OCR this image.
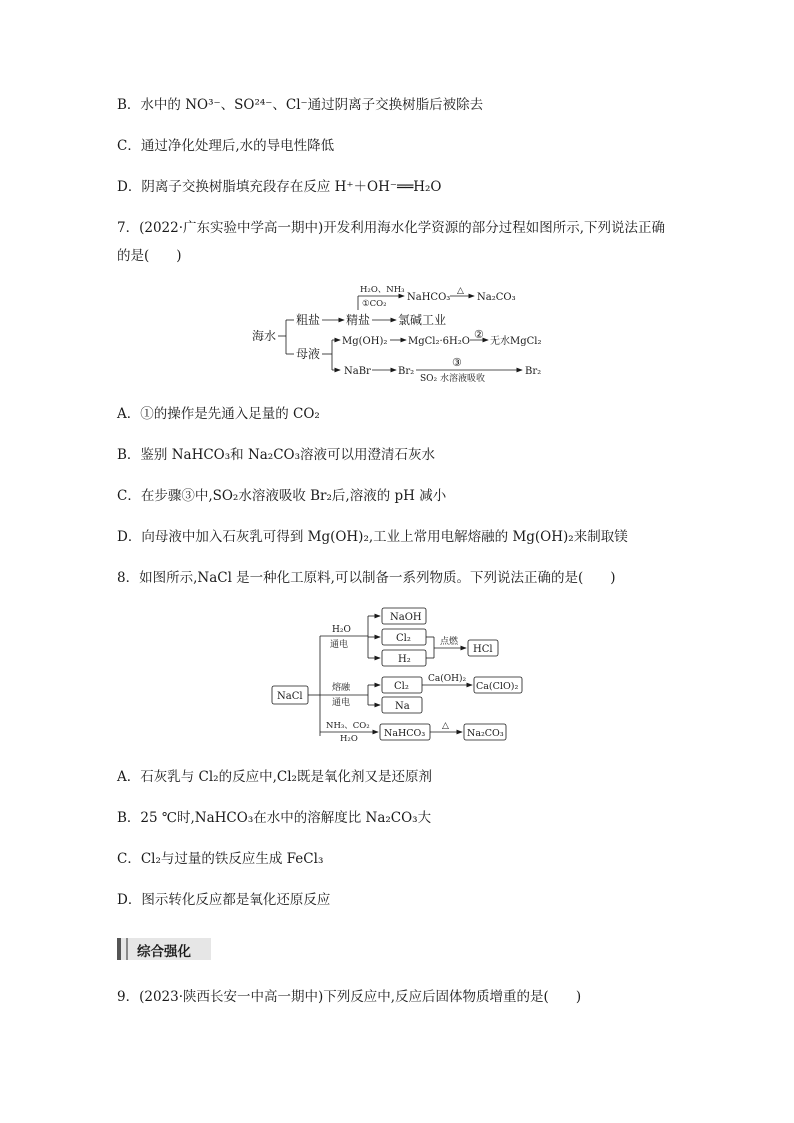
B．水中的 NO³⁻、SO²⁴⁻、Cl⁻通过阴离子交换树脂后被除去
C．通过净化处理后,水的导电性降低
D．阴离子交换树脂填充段存在反应 H⁺＋OH⁻══H₂O
7．(2022·广东实验中学高一期中)开发利用海水化学资源的部分过程如图所示,下列说法正确
的是(　　)
海水
粗盐 精盐 氯碱工业
H₂O、NH₃
①CO₂
NaHCO₃
△
Na₂CO₃
母液
Mg(OH)₂ MgCl₂·6H₂O
②
无水MgCl₂
NaBr	Br₂
③
SO₂ 水溶液吸收
Br₂
A．①的操作是先通入足量的 CO₂
B．鉴别 NaHCO₃和 Na₂CO₃溶液可以用澄清石灰水
C．在步骤③中,SO₂水溶液吸收 Br₂后,溶液的 pH 减小
D．向母液中加入石灰乳可得到 Mg(OH)₂,工业上常用电解熔融的 Mg(OH)₂来制取镁
8．如图所示,NaCl 是一种化工原料,可以制备一系列物质。下列说法正确的是(　　)
NaCl
H₂O
通电
NaOH
Cl₂
H₂
点燃
HCl
熔融
通电
Cl₂
Na
Ca(OH)₂
Ca(ClO)₂
NH₃、CO₂
H₂O	NaHCO₃
△
Na₂CO₃
A．石灰乳与 Cl₂的反应中,Cl₂既是氧化剂又是还原剂
B．25 ℃时,NaHCO₃在水中的溶解度比 Na₂CO₃大
C．Cl₂与过量的铁反应生成 FeCl₃
D．图示转化反应都是氧化还原反应
综合强化
9．(2023·陕西长安一中高一期中)下列反应中,反应后固体物质增重的是(　　)
